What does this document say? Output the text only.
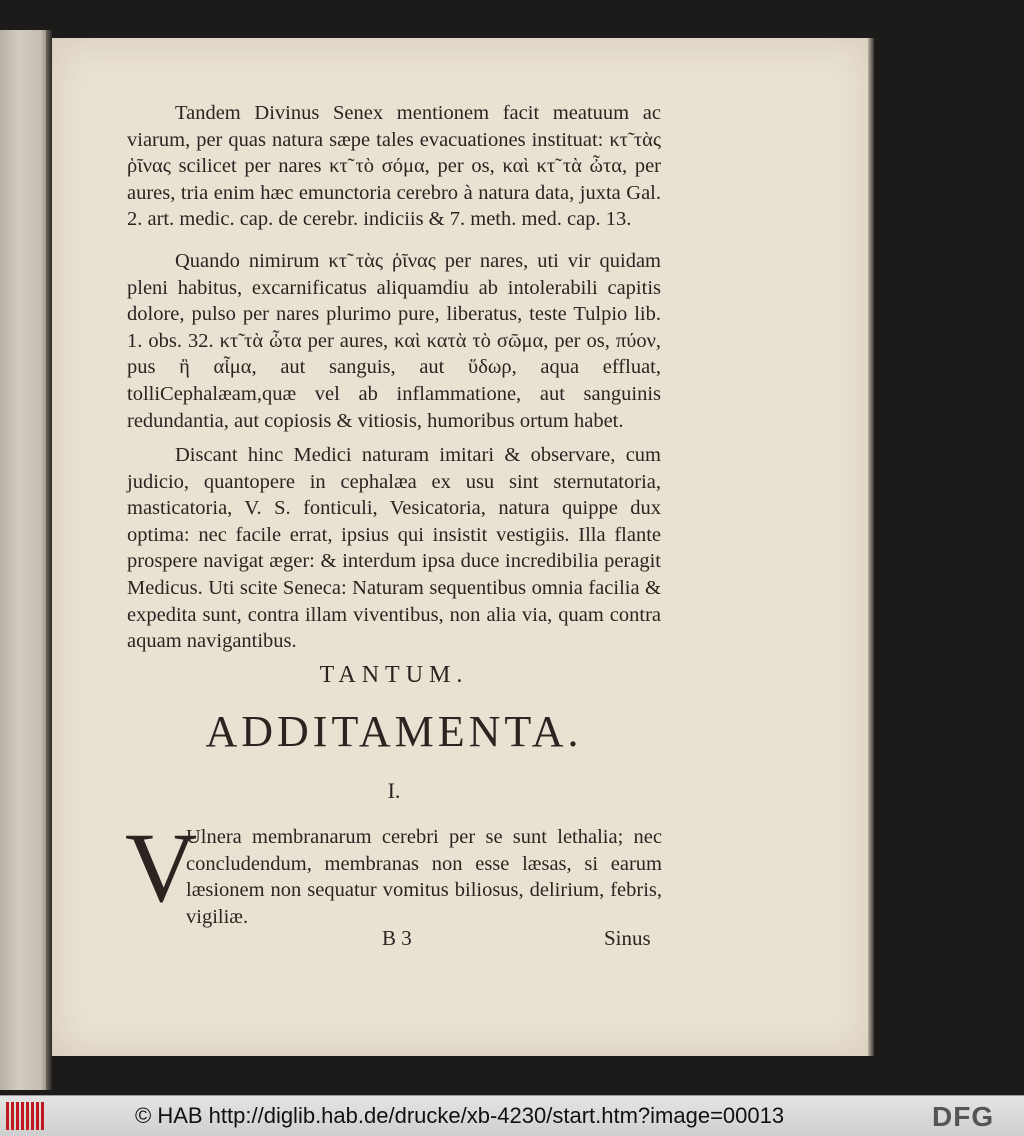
Tandem Divinus Senex mentionem facit meatuum ac viarum, per quas natura sæpe tales evacuationes instituat: κτ̃ τὰς ῥῖνας scilicet per nares κτ̃ τὸ σόμα, per os, καὶ κτ̃ τὰ ὦτα, per aures, tria enim hæc emunctoria cerebro à natura data, juxta Gal. 2. art. medic. cap. de cerebr. indiciis & 7. meth. med. cap. 13.

Quando nimirum κτ̃ τὰς ῥῖνας per nares, uti vir quidam pleni habitus, excarnificatus aliquamdiu ab intolerabili capitis dolore, pulso per nares plurimo pure, liberatus, teste Tulpio lib. 1. obs. 32. κτ̃ τὰ ὦτα per aures, καὶ κατὰ τὸ σῶμα, per os, πύον, pus ἢ αἷμα, aut sanguis, aut ὕδωρ, aqua effluat, tolliCephalæam,quæ vel ab inflammatione, aut sanguinis redundantia, aut copiosis & vitiosis, humoribus ortum habet.

Discant hinc Medici naturam imitari & observare, cum judicio, quantopere in cephalæa ex usu sint sternutatoria, masticatoria, V. S. fonticuli, Vesicatoria, natura quippe dux optima: nec facile errat, ipsius qui insistit vestigiis. Illa flante prospere navigat æger: & interdum ipsa duce incredibilia peragit Medicus. Uti scite Seneca: Naturam sequentibus omnia facilia & expedita sunt, contra illam viventibus, non alia via, quam contra aquam navigantibus.

TANTUM.
ADDITAMENTA.
I.
V

Ulnera membranarum cerebri per se sunt lethalia; nec concludendum, membranas non esse læsas, si earum læsionem non sequatur vomitus biliosus, delirium, febris, vigiliæ.

B 3	Sinus
© HAB http://diglib.hab.de/drucke/xb-4230/start.htm?image=00013	DFG
